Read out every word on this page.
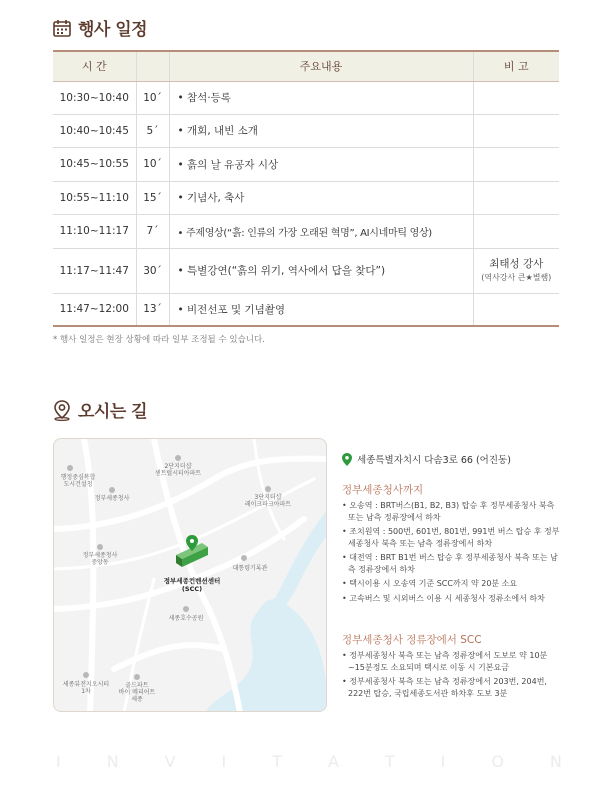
행사 일정
시 간		주요내용	비 고
10:30~10:40	10´	• 참석·등록	
10:40~10:45	5´	• 개회, 내빈 소개	
10:45~10:55	10´	• 흙의 날 유공자 시상	
10:55~11:10	15´	• 기념사, 축사	
11:10~11:17	7´	• 주제영상(“흙: 인류의 가장 오래된 혁명”, AI시네마틱 영상)	
11:17~11:47	30´	• 특별강연(“흙의 위기, 역사에서 답을 찾다”)	최태성 강사
(역사강사 큰★별쌤)

11:47~12:00	13´	• 비전선포 및 기념촬영	
* 행사 일정은 현장 상황에 따라 일부 조정될 수 있습니다.
오시는 길
2단지더샵
센트럴시티아파트
행정중심복합
도시건설청
정부세종청사	3단지더샵
레이크파크아파트
정부세종청사
중앙동
대통령기록관
세종호수공원
세종뷰전지오시티
1차
골드파트
바이 메리어트
세종
정부세종컨벤션센터
(SCC)
세종특별자치시 다솜3로 66 (어진동)
정부세종청사까지
• 오송역 : BRT버스(B1, B2, B3) 탑승 후 정부세종청사 북측 또는 남측 정류장에서 하차
• 조치원역 : 500번, 601번, 801번, 991번 버스 탑승 후 정부세종청사 북측 또는 남측 정류장에서 하차
• 대전역 : BRT B1번 버스 탑승 후 정부세종청사 북측 또는 남측 정류장에서 하차
• 택시이용 시 오송역 기준 SCC까지 약 20분 소요
• 고속버스 및 시외버스 이용 시 세종청사 정류소에서 하차
정부세종청사 정류장에서 SCC
• 정부세종청사 북측 또는 남측 정류장에서 도보로 약 10분~15분정도 소요되며 택시로 이동 시 기본요금
• 정부세종청사 북측 또는 남측 정류장에서 203번, 204번, 222번 탑승, 국립세종도서관 하차후 도보 3분
I	N	V	I	T	A	T	I	O	N
